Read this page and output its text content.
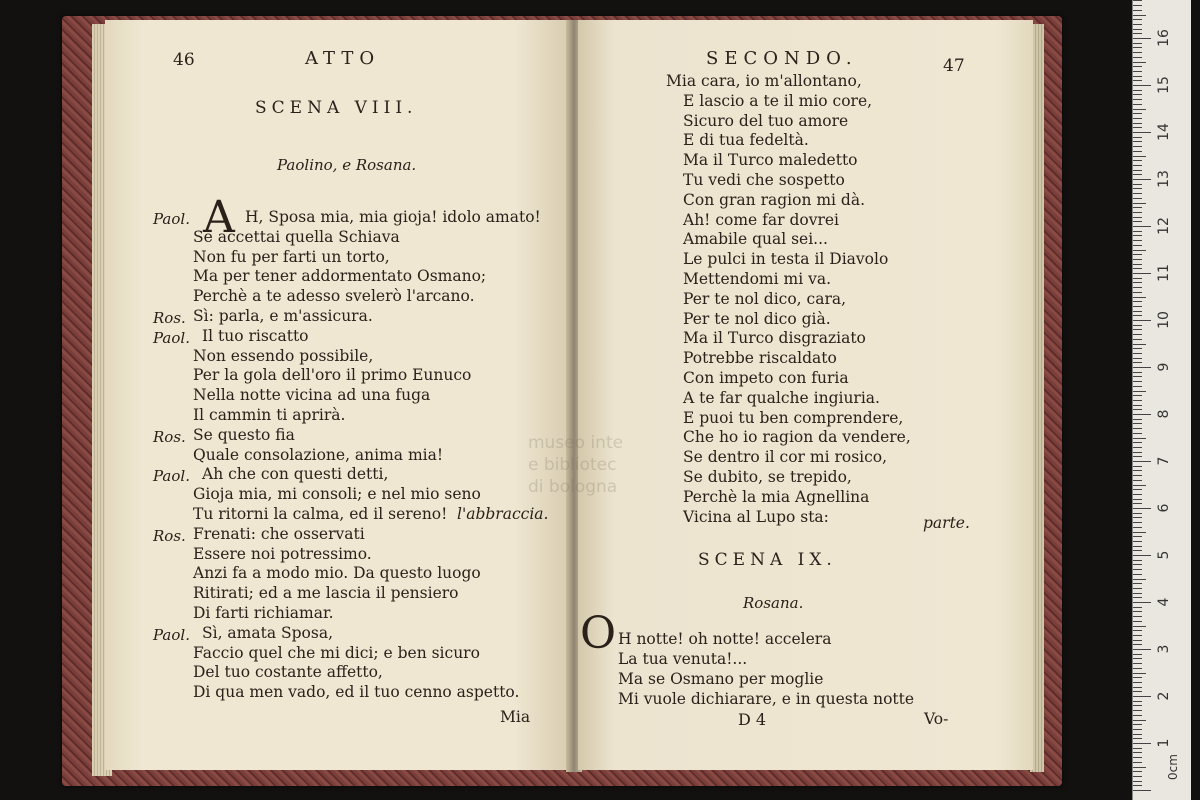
46	ATTO
SCENA VIII.
Paolino, e Rosana.
A
Paol.	H, Sposa mia, mia gioja! idolo amato!
Se accettai quella Schiava
Non fu per farti un torto,
Ma per tener addormentato Osmano;
Perchè a te adesso svelerò l'arcano.
Ros. Sì: parla, e m'assicura.
Paol. Il tuo riscatto
Non essendo possibile,
Per la gola dell'oro il primo Eunuco
Nella notte vicina ad una fuga
Il cammin ti aprirà.
Ros. Se questo fia
Quale consolazione, anima mia!
Paol. Ah che con questi detti,
Gioja mia, mi consoli; e nel mio seno
Tu ritorni la calma, ed il sereno! l'abbraccia.
Ros. Frenati: che osservati
Essere noi potressimo.
Anzi fa a modo mio. Da questo luogo
Ritirati; ed a me lascia il pensiero
Di farti richiamar.
Paol. Sì, amata Sposa,
Faccio quel che mi dici; e ben sicuro
Del tuo costante affetto,
Di qua men vado, ed il tuo cenno aspetto.
Mia
SECONDO.	47
Mia cara, io m'allontano,
E lascio a te il mio core,
Sicuro del tuo amore
E di tua fedeltà.
Ma il Turco maledetto
Tu vedi che sospetto
Con gran ragion mi dà.
Ah! come far dovrei
Amabile qual sei...
Le pulci in testa il Diavolo
Mettendomi mi va.
Per te nol dico, cara,
Per te nol dico già.
Ma il Turco disgraziato
Potrebbe riscaldato
Con impeto con furia
A te far qualche ingiuria.
E puoi tu ben comprendere,
Che ho io ragion da vendere,
Se dentro il cor mi rosico,
Se dubito, se trepido,
Perchè la mia Agnellina
Vicina al Lupo sta:	parte.
SCENA IX.
Rosana.
O H notte! oh notte! accelera
La tua venuta!...
Ma se Osmano per moglie
Mi vuole dichiarare, e in questa notte
D 4	Vo-
museo inte
e bibliotec
di bologna
1
2
3
4
5
6
7
8
9
10
11
12
13
14
15
16
0cm
